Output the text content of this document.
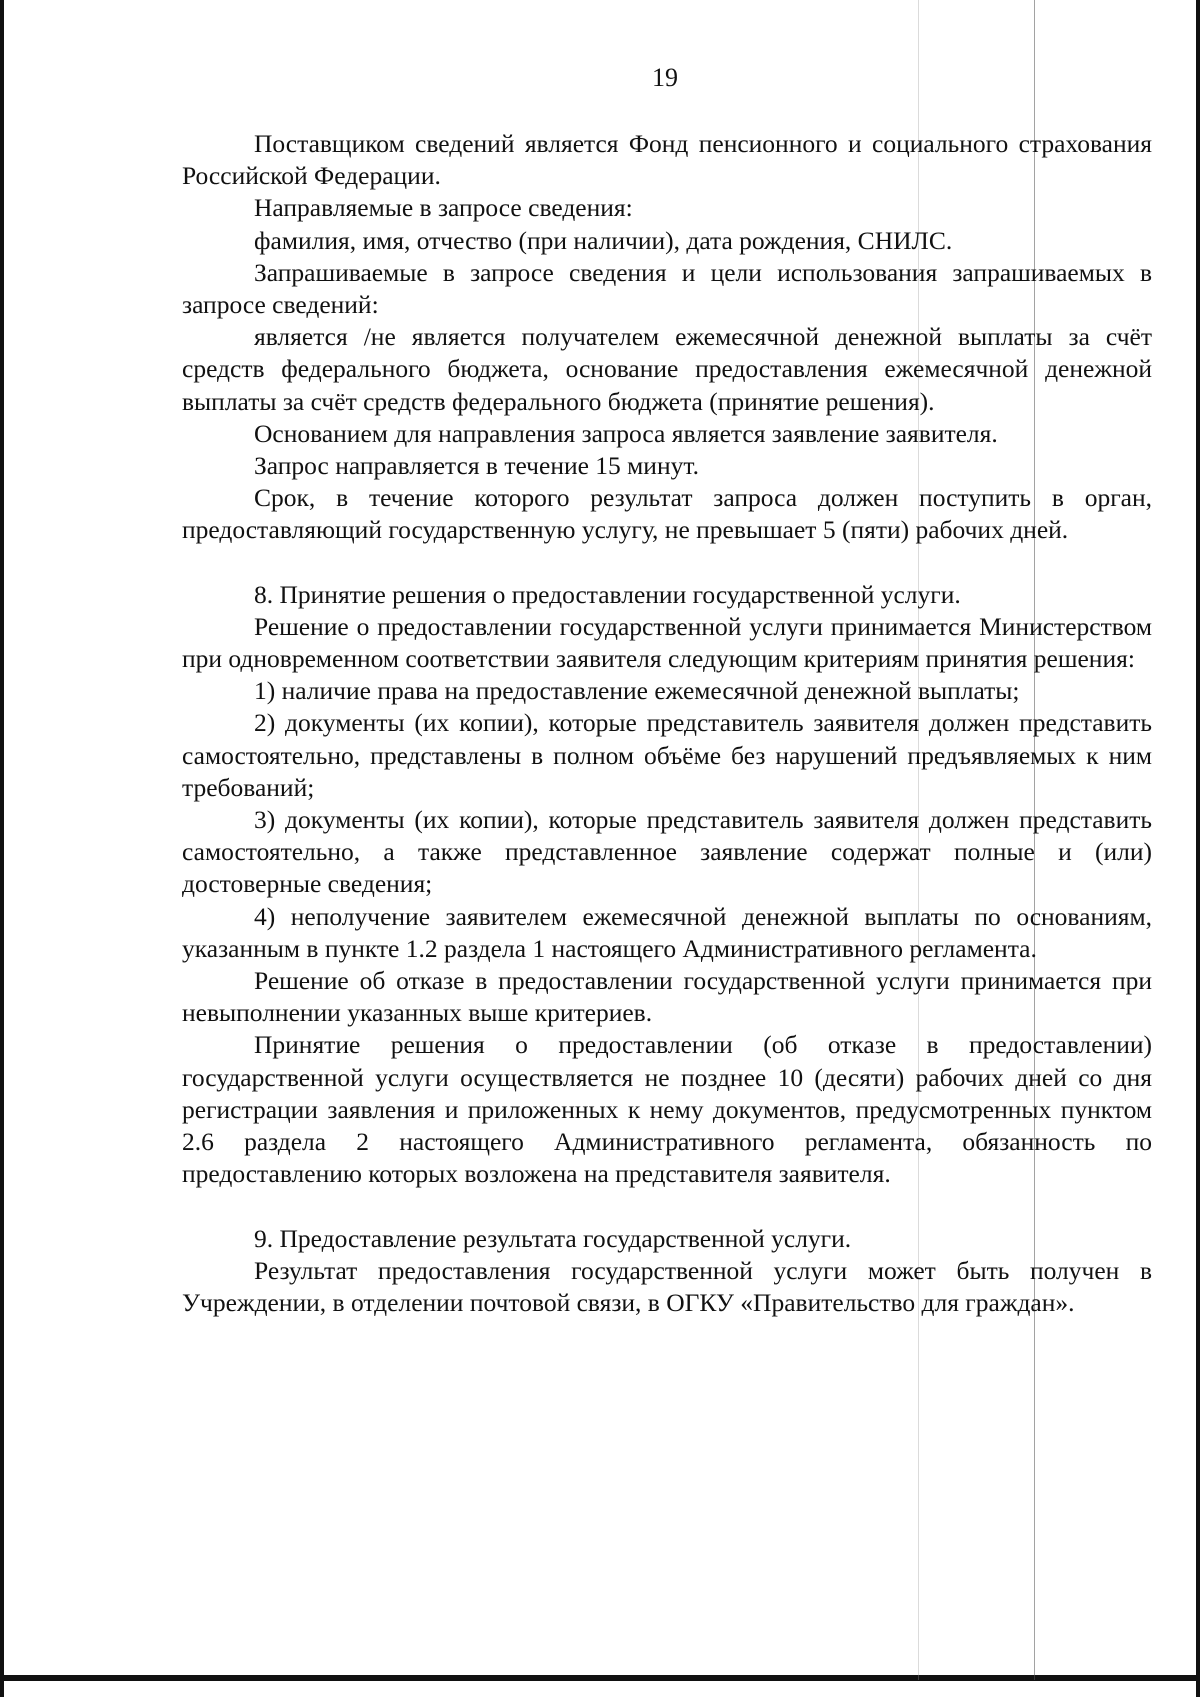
19

Поставщиком сведений является Фонд пенсионного и социального страхования Российской Федерации.

Направляемые в запросе сведения:

фамилия, имя, отчество (при наличии), дата рождения, СНИЛС.

Запрашиваемые в запросе сведения и цели использования запрашиваемых в запросе сведений:

является /не является получателем ежемесячной денежной выплаты за счёт средств федерального бюджета, основание предоставления ежемесячной денежной выплаты за счёт средств федерального бюджета (принятие решения).

Основанием для направления запроса является заявление заявителя.

Запрос направляется в течение 15 минут.

Срок, в течение которого результат запроса должен поступить в орган, предоставляющий государственную услугу, не превышает 5 (пяти) рабочих дней.

8. Принятие решения о предоставлении государственной услуги.

Решение о предоставлении государственной услуги принимается Министерством при одновременном соответствии заявителя следующим критериям принятия решения:

1) наличие права на предоставление ежемесячной денежной выплаты;

2) документы (их копии), которые представитель заявителя должен представить самостоятельно, представлены в полном объёме без нарушений предъявляемых к ним требований;

3) документы (их копии), которые представитель заявителя должен представить самостоятельно, а также представленное заявление содержат полные и (или) достоверные сведения;

4) неполучение заявителем ежемесячной денежной выплаты по основаниям, указанным в пункте 1.2 раздела 1 настоящего Административного регламента.

Решение об отказе в предоставлении государственной услуги принимается при невыполнении указанных выше критериев.

Принятие решения о предоставлении (об отказе в предоставлении) государственной услуги осуществляется не позднее 10 (десяти) рабочих дней со дня регистрации заявления и приложенных к нему документов, предусмотренных пунктом 2.6 раздела 2 настоящего Административного регламента, обязанность по предоставлению которых возложена на представителя заявителя.

9. Предоставление результата государственной услуги.

Результат предоставления государственной услуги может быть получен в Учреждении, в отделении почтовой связи, в ОГКУ «Правительство для граждан».
